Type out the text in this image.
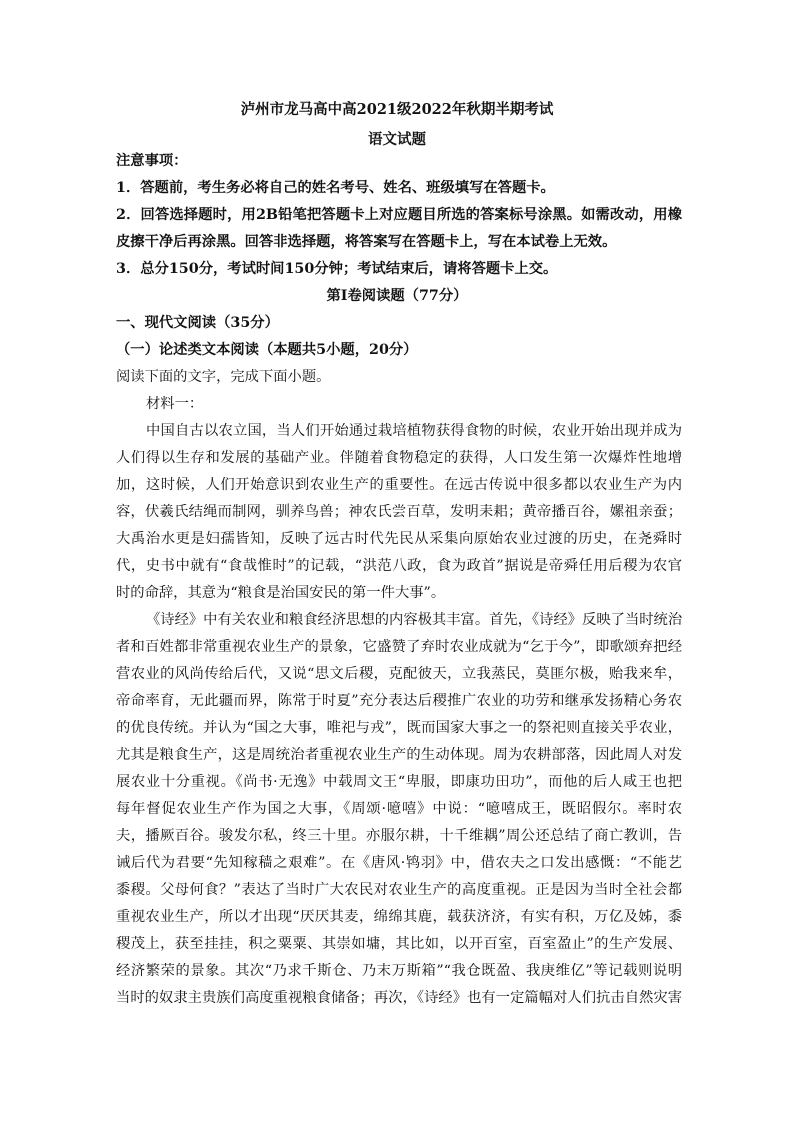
泸州市龙马高中高2021级2022年秋期半期考试
语文试题
注意事项：
1．答题前，考生务必将自己的姓名考号、姓名、班级填写在答题卡。
2．回答选择题时，用2B铅笔把答题卡上对应题目所选的答案标号涂黑。如需改动，用橡
皮擦干净后再涂黑。回答非选择题，将答案写在答题卡上，写在本试卷上无效。
3．总分150分，考试时间150分钟；考试结束后，请将答题卡上交。
第Ⅰ卷阅读题（77分）
一、现代文阅读（35分）
（一）论述类文本阅读（本题共5小题，20分）
阅读下面的文字，完成下面小题。
材料一：
中国自古以农立国，当人们开始通过栽培植物获得食物的时候，农业开始出现并成为
人们得以生存和发展的基础产业。伴随着食物稳定的获得，人口发生第一次爆炸性地增
加，这时候，人们开始意识到农业生产的重要性。在远古传说中很多都以农业生产为内
容，伏羲氏结绳而制网，驯养鸟兽；神农氏尝百草，发明耒耜；黄帝播百谷，嫘祖亲蚕；
大禹治水更是妇孺皆知，反映了远古时代先民从采集向原始农业过渡的历史，在尧舜时
代，史书中就有“食哉惟时”的记载，“洪范八政，食为政首”据说是帝舜任用后稷为农官
时的命辞，其意为“粮食是治国安民的第一件大事”。
《诗经》中有关农业和粮食经济思想的内容极其丰富。首先，《诗经》反映了当时统治
者和百姓都非常重视农业生产的景象，它盛赞了弃时农业成就为“乞于今”，即歌颂弃把经
营农业的风尚传给后代，又说“思文后稷，克配彼天，立我蒸民，莫匪尔极，贻我来牟，
帝命率育，无此疆而界，陈常于时夏”充分表达后稷推广农业的功劳和继承发扬精心务农
的优良传统。并认为“国之大事，唯祀与戎”，既而国家大事之一的祭祀则直接关乎农业，
尤其是粮食生产，这是周统治者重视农业生产的生动体现。周为农耕部落，因此周人对发
展农业十分重视。《尚书·无逸》中载周文王“卑服，即康功田功”，而他的后人咸王也把
每年督促农业生产作为国之大事，《周颂·噫嘻》中说：“噫嘻成王，既昭假尔。率时农
夫，播厥百谷。骏发尔私，终三十里。亦服尔耕，十千维耦”周公还总结了商亡教训，告
诫后代为君要“先知稼穑之艰难”。在《唐风·鸨羽》中，借农夫之口发出感慨：“不能艺
黍稷。父母何食？”表达了当时广大农民对农业生产的高度重视。正是因为当时全社会都
重视农业生产，所以才出现“厌厌其麦，绵绵其鹿，载获济济，有实有积，万亿及姊，黍
稷茂上，获至挂挂，积之粟粟、其崇如墉，其比如，以开百室，百室盈止”的生产发展、
经济繁荣的景象。其次“乃求千斯仓、乃末万斯箱”“我仓既盈、我庚维亿”等记载则说明
当时的奴隶主贵族们高度重视粮食储备；再次，《诗经》也有一定篇幅对人们抗击自然灾害
